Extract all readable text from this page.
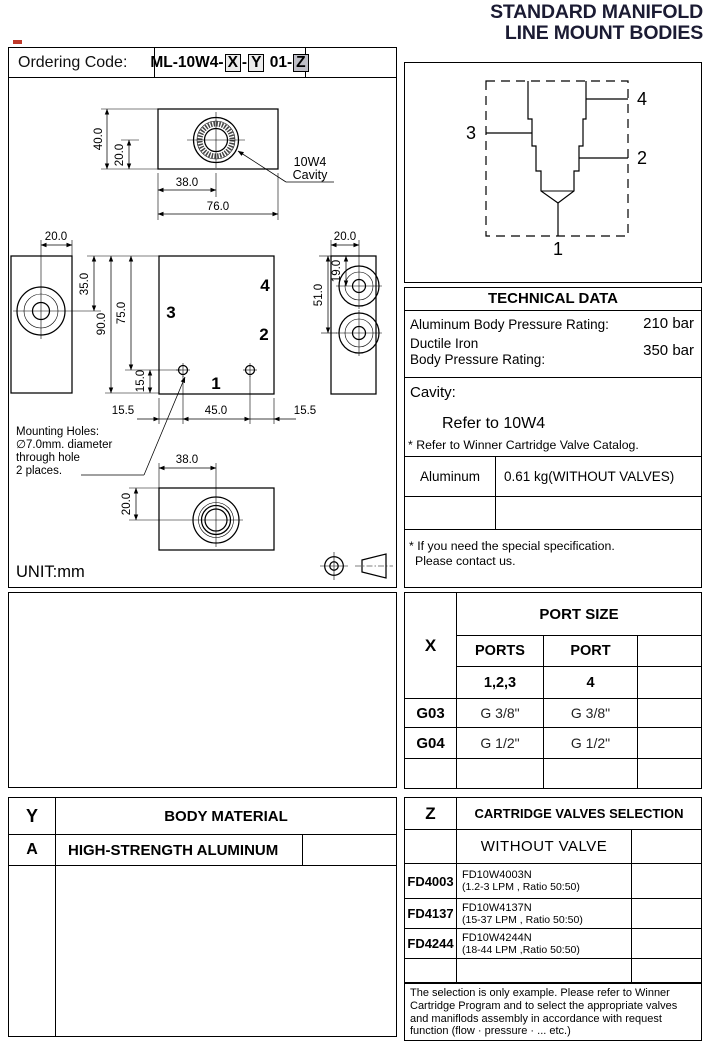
STANDARD MANIFOLD
LINE MOUNT BODIES
Ordering Code:	ML-10W4- X - Y 01- Z
40.0
20.0
38.0
76.0
10W4
Cavity
20.0
35.0
90.0 75.0
15.0
3
4
2
1
15.5	45.0	15.5
20.0
19.0
51.0
Mounting Holes:
∅7.0mm. diameter
through hole
2 places.
38.0
20.0
UNIT:mm
3
4
2
1
TECHNICAL DATA
Aluminum Body Pressure Rating: 210 bar
Ductile Iron
Body Pressure Rating:
350 bar
Cavity:
Refer to 10W4
* Refer to Winner Cartridge Valve Catalog.
Aluminum	0.61 kg(WITHOUT VALVES)
* If you need the special specification.
Please contact us.
X
PORT SIZE
PORTS	PORT
1,2,3	4
G03	G 3/8"	G 3/8"
G04	G 1/2"	G 1/2"
Y	BODY MATERIAL
A	HIGH-STRENGTH ALUMINUM
Z	CARTRIDGE VALVES SELECTION
WITHOUT VALVE
FD4003 FD10W4003N
(1.2-3 LPM , Ratio 50:50)
FD4137 FD10W4137N
(15-37 LPM , Ratio 50:50)
FD4244 FD10W4244N
(18-44 LPM ,Ratio 50:50)
The selection is only example. Please refer to Winner
Cartridge Program and to select the appropriate valves
and maniflods assembly in accordance with request
function (flow · pressure · ... etc.)
